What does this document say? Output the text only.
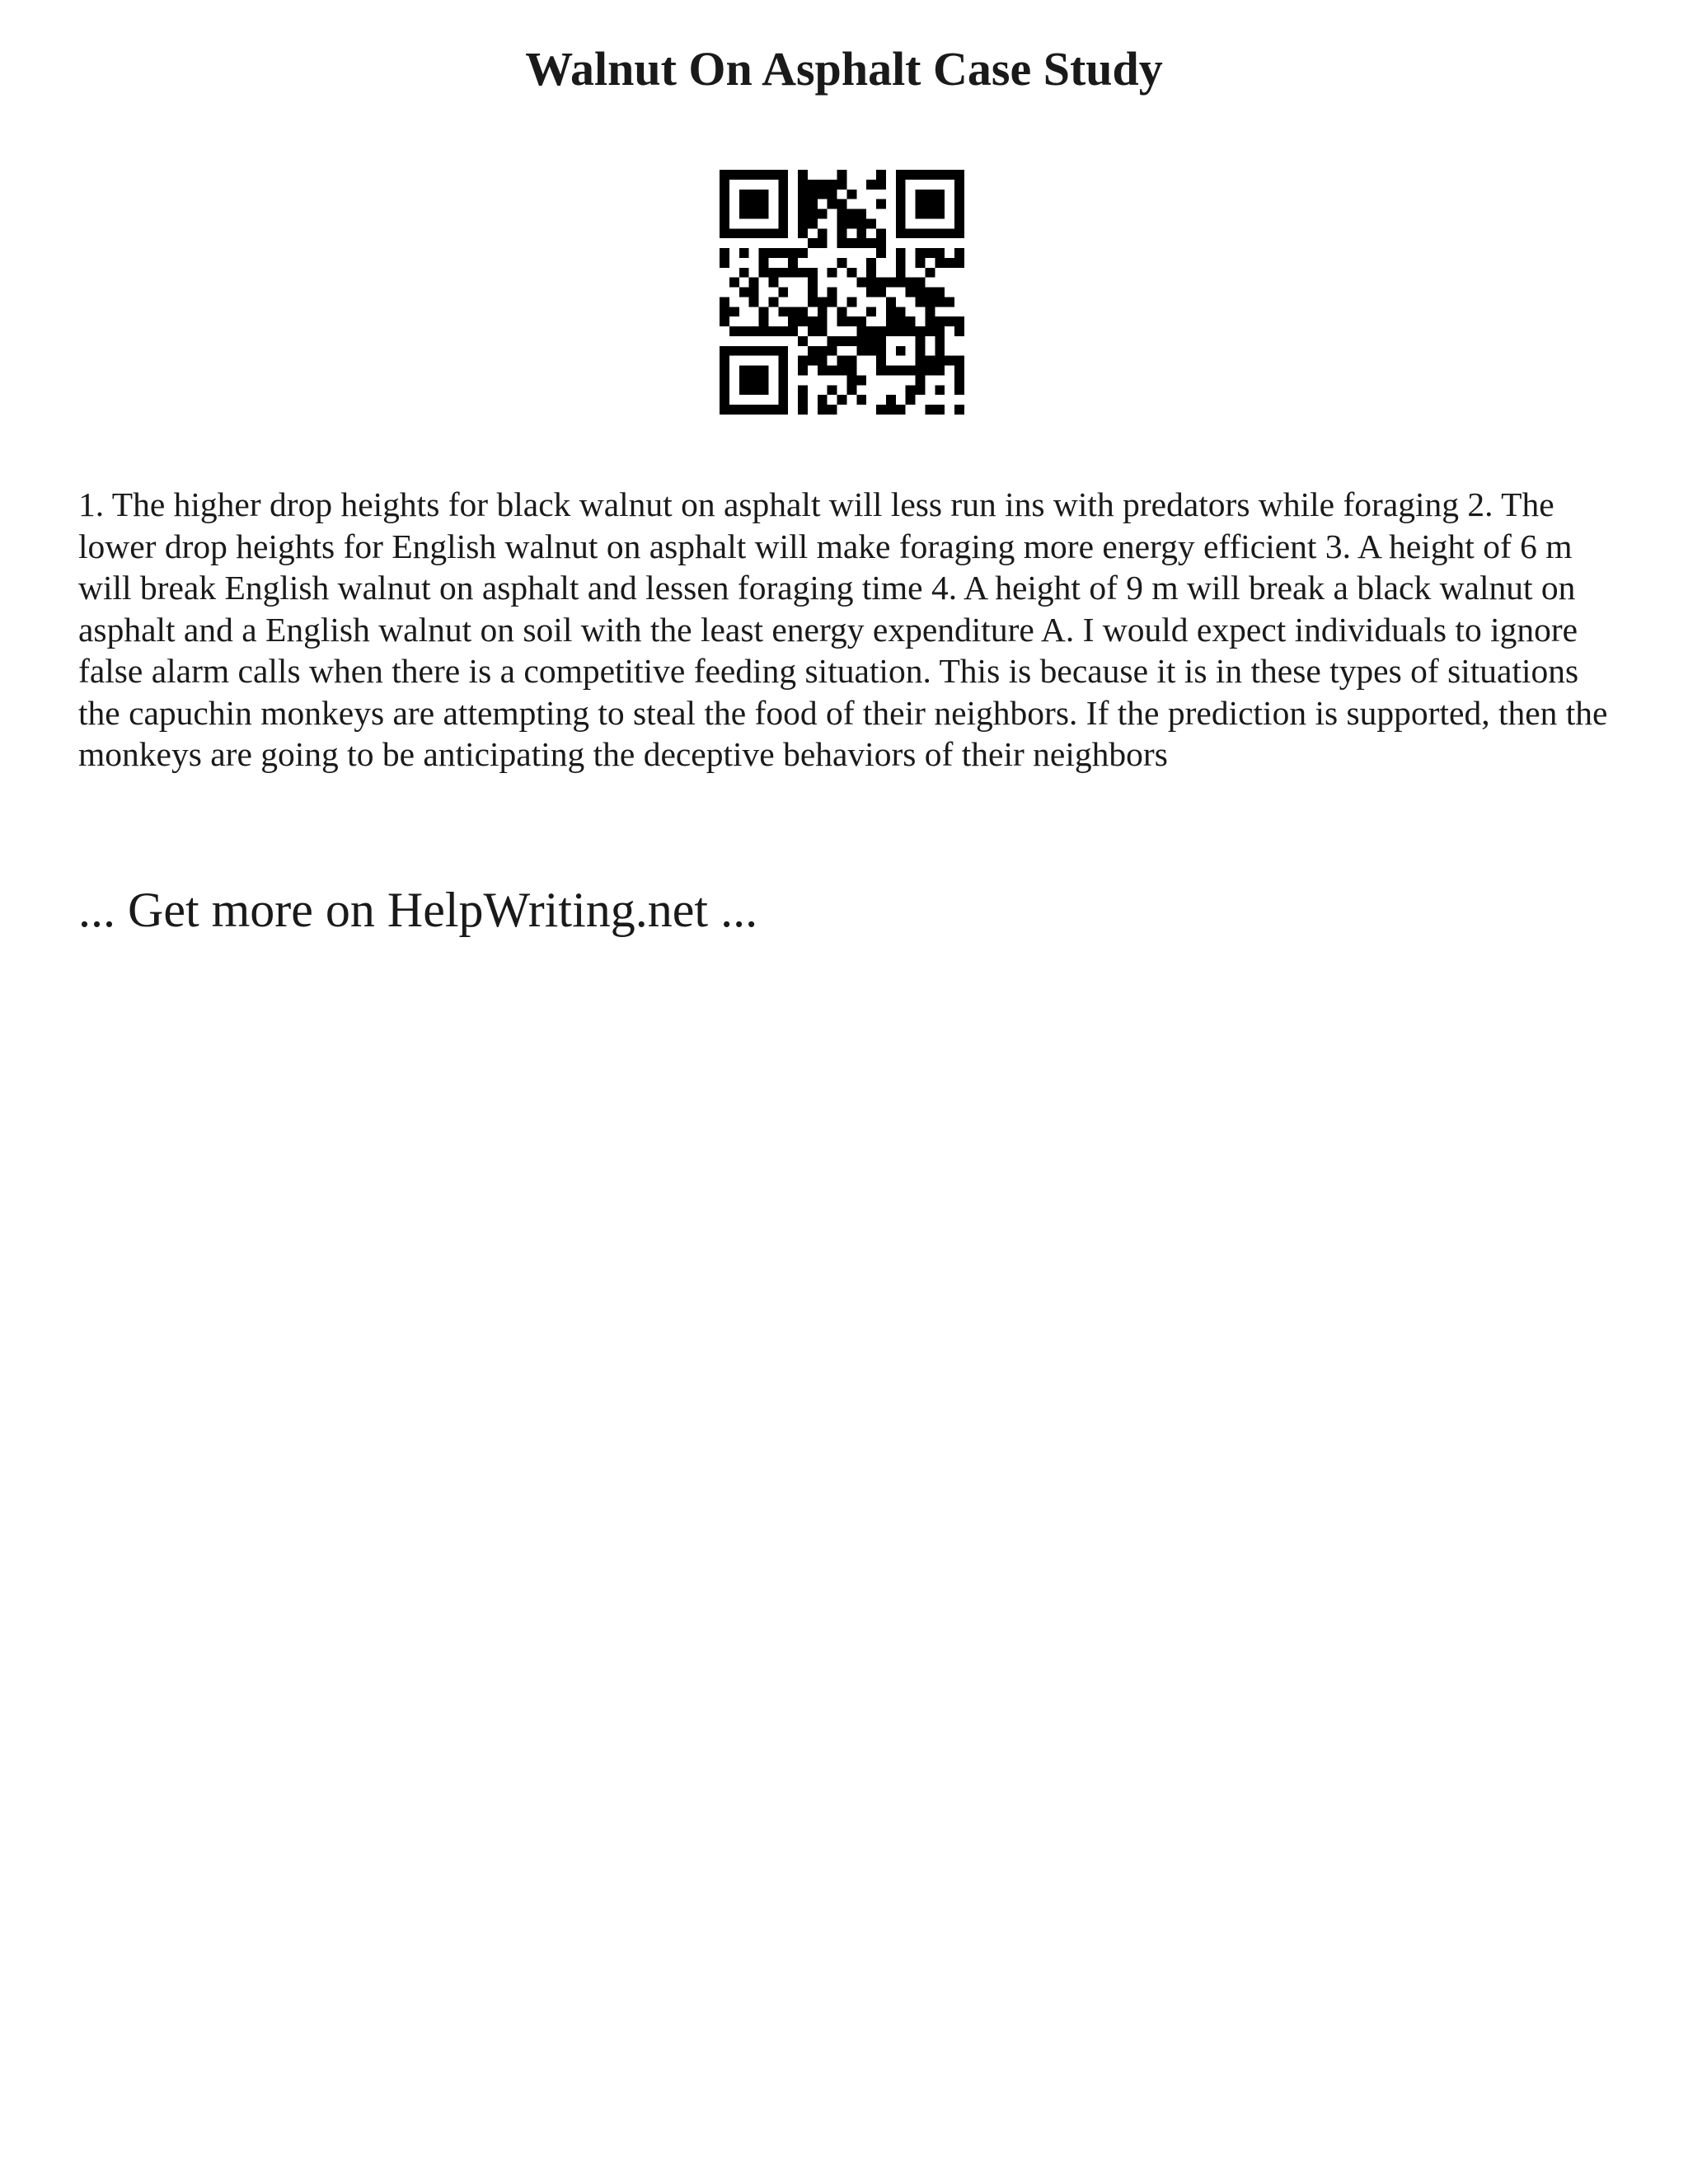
Walnut On Asphalt Case Study

1. The higher drop heights for black walnut on asphalt will less run ins with predators while foraging 2. The lower drop heights for English walnut on asphalt will make foraging more energy efficient 3. A height of 6 m will break English walnut on asphalt and lessen foraging time 4. A height of 9 m will break a black walnut on asphalt and a English walnut on soil with the least energy expenditure A. I would expect individuals to ignore false alarm calls when there is a competitive feeding situation. This is because it is in these types of situations the capuchin monkeys are attempting to steal the food of their neighbors. If the prediction is supported, then the monkeys are going to be anticipating the deceptive behaviors of their neighbors

... Get more on HelpWriting.net ...
